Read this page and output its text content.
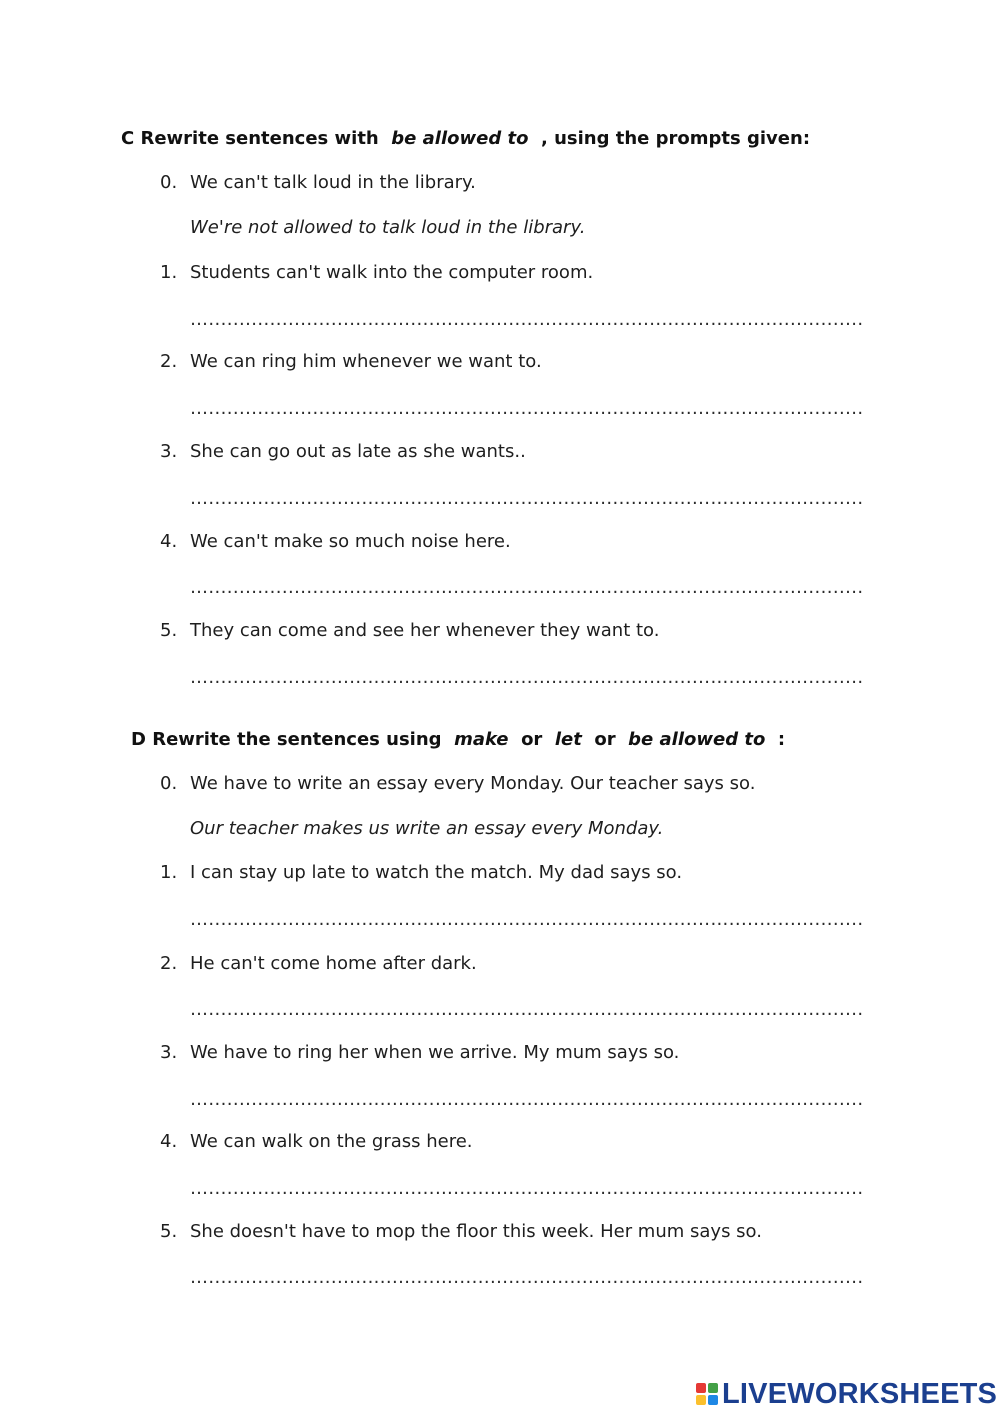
C Rewrite sentences with  be allowed to  , using the prompts given:
0. We can't talk loud in the library.
We're not allowed to talk loud in the library.
1. Students can't walk into the computer room.
….....................................…..........................................…......................
2. We can ring him whenever we want to.
….....................................…..........................................…......................
3. She can go out as late as she wants..
….....................................…..........................................…......................
4. We can't make so much noise here.
….....................................…..........................................…......................
5. They can come and see her whenever they want to.
….....................................…..........................................…......................
D Rewrite the sentences using  make  or  let  or  be allowed to  :
0. We have to write an essay every Monday. Our teacher says so.
Our teacher makes us write an essay every Monday.
1. I can stay up late to watch the match. My dad says so.
….....................................…..........................................…......................
2. He can't come home after dark.
….....................................…..........................................…......................
3. We have to ring her when we arrive. My mum says so.
….....................................…..........................................…......................
4. We can walk on the grass here.
….....................................…..........................................…......................
5. She doesn't have to mop the floor this week. Her mum says so.
….....................................…..........................................…......................
LIVEWORKSHEETS
